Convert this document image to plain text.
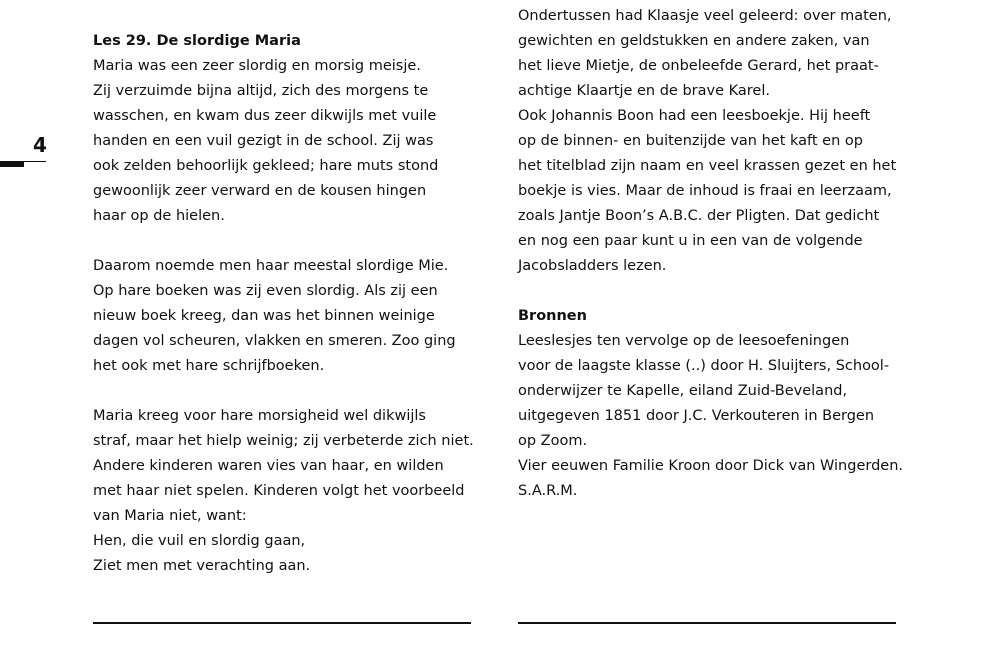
4
Les 29. De slordige Maria
Maria was een zeer slordig en morsig meisje.
Zij verzuimde bijna altijd, zich des morgens te
wasschen, en kwam dus zeer dikwijls met vuile
handen en een vuil gezigt in de school. Zij was
ook zelden behoorlijk gekleed; hare muts stond
gewoonlijk zeer verward en de kousen hingen
haar op de hielen.
Daarom noemde men haar meestal slordige Mie.
Op hare boeken was zij even slordig. Als zij een
nieuw boek kreeg, dan was het binnen weinige
dagen vol scheuren, vlakken en smeren. Zoo ging
het ook met hare schrijfboeken.
Maria kreeg voor hare morsigheid wel dikwijls
straf, maar het hielp weinig; zij verbeterde zich niet.
Andere kinderen waren vies van haar, en wilden
met haar niet spelen. Kinderen volgt het voorbeeld
van Maria niet, want:
Hen, die vuil en slordig gaan,
Ziet men met verachting aan.
Ondertussen had Klaasje veel geleerd: over maten,
gewichten en geldstukken en andere zaken, van
het lieve Mietje, de onbeleefde Gerard, het praat-
achtige Klaartje en de brave Karel.
Ook Johannis Boon had een leesboekje. Hij heeft
op de binnen- en buitenzijde van het kaft en op
het titelblad zijn naam en veel krassen gezet en het
boekje is vies. Maar de inhoud is fraai en leerzaam,
zoals Jantje Boon’s A.B.C. der Pligten. Dat gedicht
en nog een paar kunt u in een van de volgende
Jacobsladders lezen.
Bronnen
Leeslesjes ten vervolge op de leesoefeningen
voor de laagste klasse (..) door H. Sluijters, School-
onderwijzer te Kapelle, eiland Zuid-Beveland,
uitgegeven 1851 door J.C. Verkouteren in Bergen
op Zoom.
Vier eeuwen Familie Kroon door Dick van Wingerden.
S.A.R.M.
